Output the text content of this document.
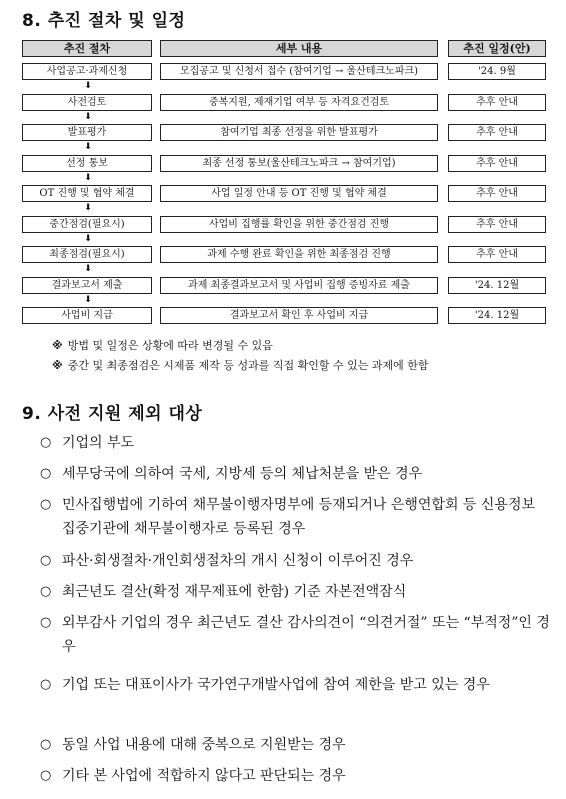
8. 추진 절차 및 일정
추진 절차	세부 내용	추진 일정(안)
사업공고·과제신청	모집공고 및 신청서 접수 (참여기업 → 울산테크노파크)	'24. 9월
⬇
사전검토	중복지원, 제재기업 여부 등 자격요건검토	추후 안내
⬇
발표평가	참여기업 최종 선정을 위한 발표평가	추후 안내
⬇
선정 통보	최종 선정 통보(울산테크노파크 → 참여기업)	추후 안내
⬇
OT 진행 및 협약 체결	사업 일정 안내 등 OT 진행 및 협약 체결	추후 안내
⬇
중간점검(필요시)	사업비 집행률 확인을 위한 중간점검 진행	추후 안내
⬇
최종점검(필요시)	과제 수행 완료 확인을 위한 최종점검 진행	추후 안내
⬇
결과보고서 제출	과제 최종결과보고서 및 사업비 집행 증빙자료 제출	'24. 12월
⬇
사업비 지급	결과보고서 확인 후 사업비 지급	'24. 12월
※ 방법 및 일정은 상황에 따라 변경될 수 있음
※ 중간 및 최종점검은 시제품 제작 등 성과를 직접 확인할 수 있는 과제에 한함
9. 사전 지원 제외 대상
○ 기업의 부도
○ 세무당국에 의하여 국세, 지방세 등의 체납처분을 받은 경우
○ 민사집행법에 기하여 채무불이행자명부에 등재되거나 은행연합회 등 신용정보 집중기관에 채무불이행자로 등록된 경우
○ 파산·회생절차·개인회생절차의 개시 신청이 이루어진 경우
○ 최근년도 결산(확정 재무제표에 한함) 기준 자본전액잠식
○ 외부감사 기업의 경우 최근년도 결산 감사의견이 “의견거절” 또는 “부적정”인 경우
○ 기업 또는 대표이사가 국가연구개발사업에 참여 제한을 받고 있는 경우
○ 동일 사업 내용에 대해 중복으로 지원받는 경우
○ 기타 본 사업에 적합하지 않다고 판단되는 경우
